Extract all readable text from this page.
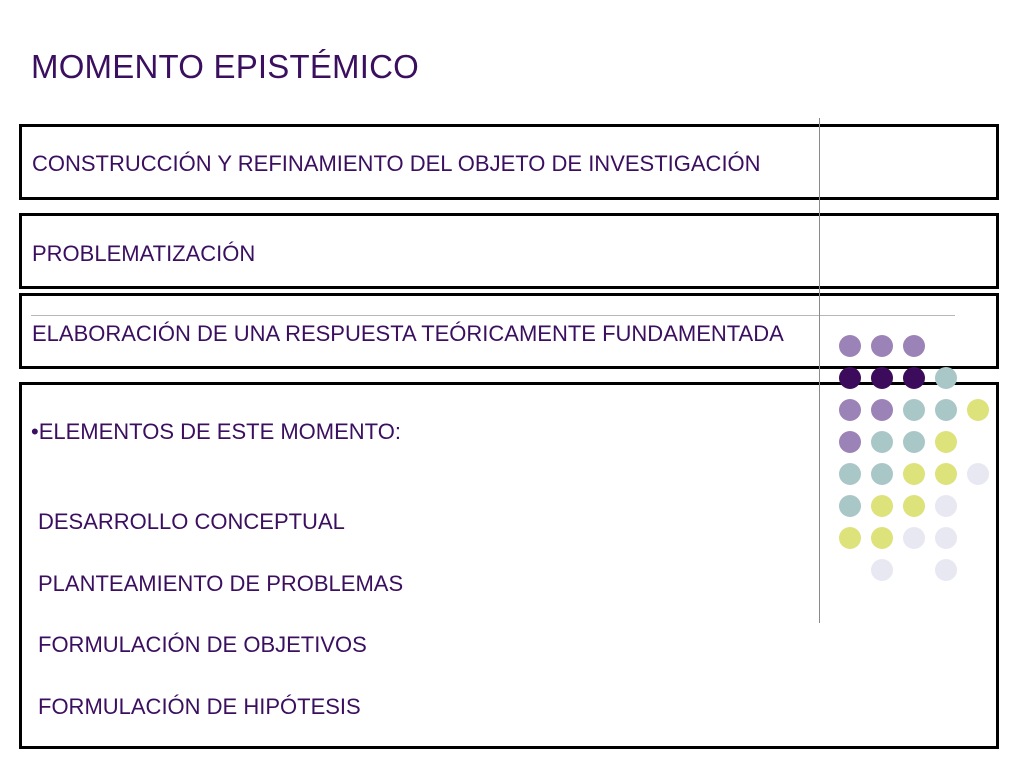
MOMENTO EPISTÉMICO
CONSTRUCCIÓN Y REFINAMIENTO DEL OBJETO DE INVESTIGACIÓN
PROBLEMATIZACIÓN
ELABORACIÓN DE UNA RESPUESTA TEÓRICAMENTE FUNDAMENTADA
•ELEMENTOS DE ESTE MOMENTO:
DESARROLLO CONCEPTUAL
PLANTEAMIENTO DE PROBLEMAS
FORMULACIÓN DE OBJETIVOS
FORMULACIÓN DE HIPÓTESIS
